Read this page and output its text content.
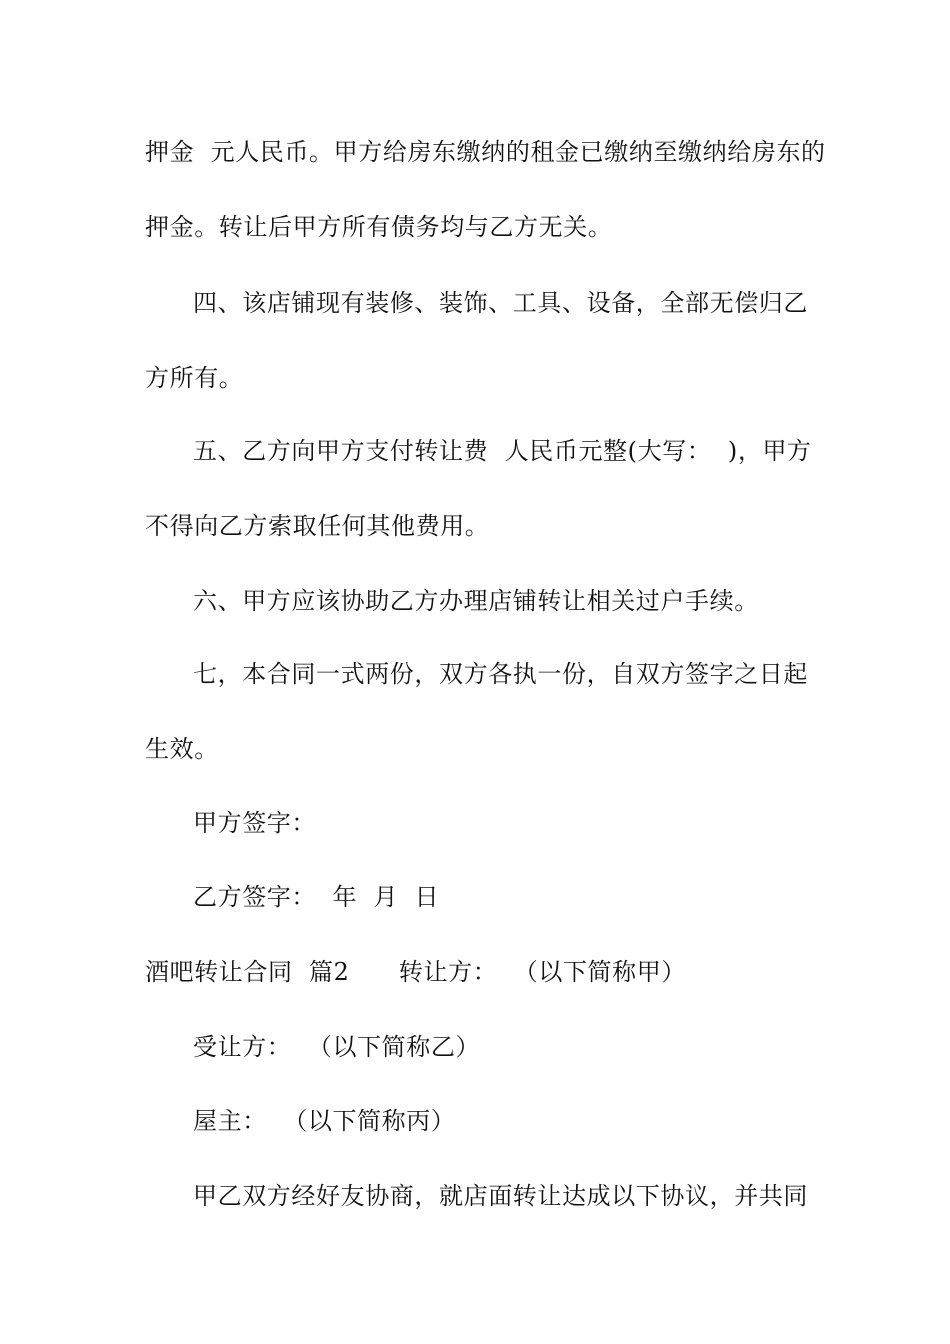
押金  元人民币。甲方给房东缴纳的租金已缴纳至缴纳给房东的
押金。转让后甲方所有债务均与乙方无关。
四、该店铺现有装修、装饰、工具、设备，全部无偿归乙
方所有。
五、乙方向甲方支付转让费  人民币元整(大写：  )，甲方
不得向乙方索取任何其他费用。
六、甲方应该协助乙方办理店铺转让相关过户手续。
七，本合同一式两份，双方各执一份，自双方签字之日起
生效。
甲方签字：
乙方签字：  年  月  日
酒吧转让合同  篇2      转让方：  （以下简称甲）
受让方：  （以下简称乙）
屋主：  （以下简称丙）
甲乙双方经好友协商，就店面转让达成以下协议，并共同
